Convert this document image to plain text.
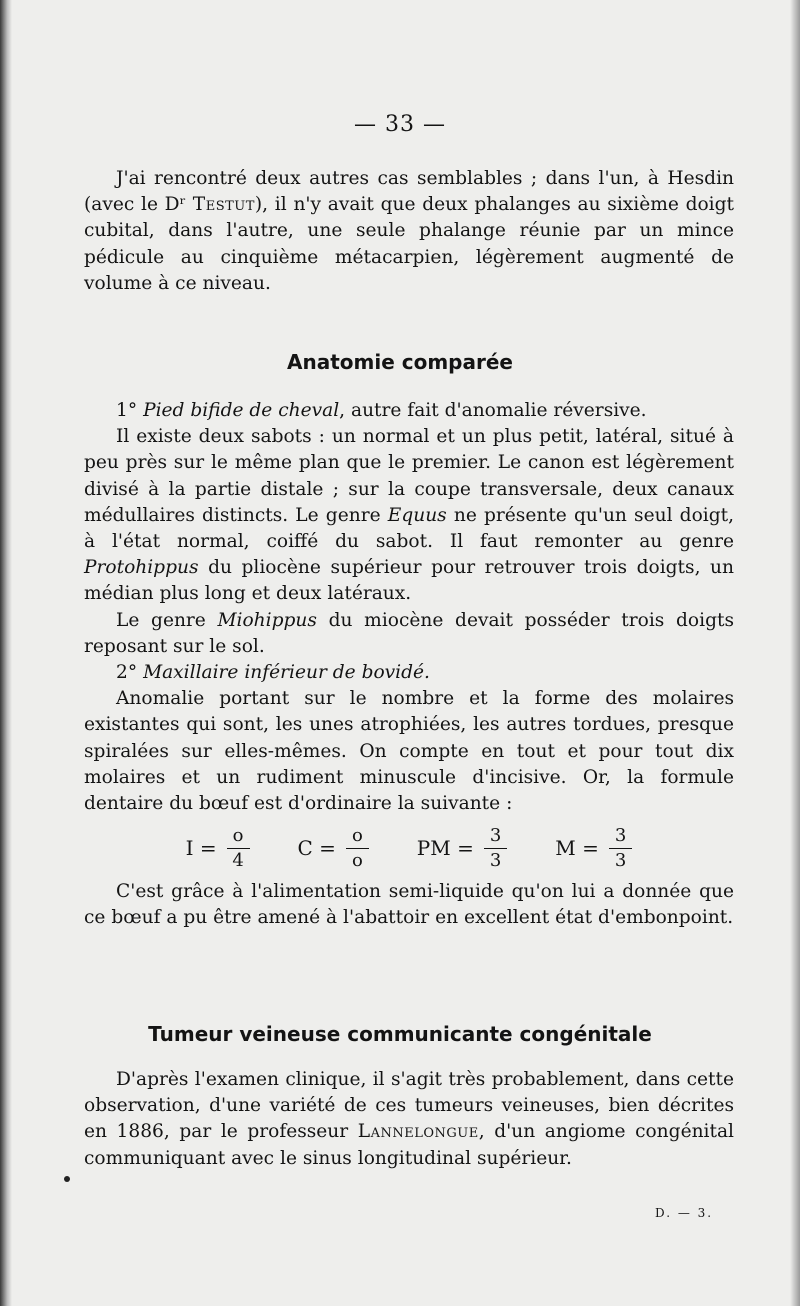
— 33 —

J'ai rencontré deux autres cas semblables ; dans l'un, à Hesdin (avec le Dʳ Testut), il n'y avait que deux phalanges au sixième doigt cubital, dans l'autre, une seule phalange réunie par un mince pédicule au cinquième métacarpien, légèrement augmenté de volume à ce niveau.

Anatomie comparée

1° Pied bifide de cheval, autre fait d'anomalie réversive.

Il existe deux sabots : un normal et un plus petit, latéral, situé à peu près sur le même plan que le premier. Le canon est légèrement divisé à la partie distale ; sur la coupe transversale, deux canaux médullaires distincts. Le genre Equus ne présente qu'un seul doigt, à l'état normal, coiffé du sabot. Il faut remonter au genre Protohippus du pliocène supérieur pour retrouver trois doigts, un médian plus long et deux latéraux.

Le genre Miohippus du miocène devait posséder trois doigts reposant sur le sol.

2° Maxillaire inférieur de bovidé.

Anomalie portant sur le nombre et la forme des molaires existantes qui sont, les unes atrophiées, les autres tordues, presque spiralées sur elles-mêmes. On compte en tout et pour tout dix molaires et un rudiment minuscule d'incisive. Or, la formule dentaire du bœuf est d'ordinaire la suivante :

$I = \frac{o}{4}$ $C = \frac{o}{o}$ PM = $\frac{3}{3}$ $M = \frac{3}{3}$

C'est grâce à l'alimentation semi-liquide qu'on lui a donnée que ce bœuf a pu être amené à l'abattoir en excellent état d'embonpoint.

Tumeur veineuse communicante congénitale

D'après l'examen clinique, il s'agit très probablement, dans cette observation, d'une variété de ces tumeurs veineuses, bien décrites en 1886, par le professeur Lannelongue, d'un angiome congénital communiquant avec le sinus longitudinal supérieur.

D. — 3.
